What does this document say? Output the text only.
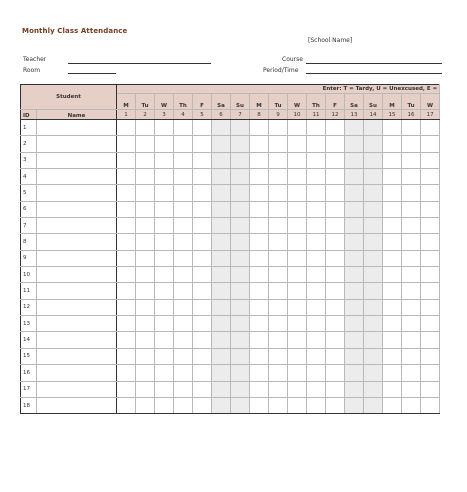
Monthly Class Attendance
[School Name]
Teacher
Room
Course
Period/Time
Student		Enter: T = Tardy, U = Unexcused, E =																
		M	Tu	W	Th	F	Sa	Su	M	Tu	W	Th	F	Sa	Su	M	Tu	W
ID	Name	1	2	3	4	5	6	7	8	9	10	11	12	13	14	15	16	17
1																		
2																		
3																		
4																		
5																		
6																		
7																		
8																		
9																		
10																		
11																		
12																		
13																		
14																		
15																		
16																		
17																		
18																		
